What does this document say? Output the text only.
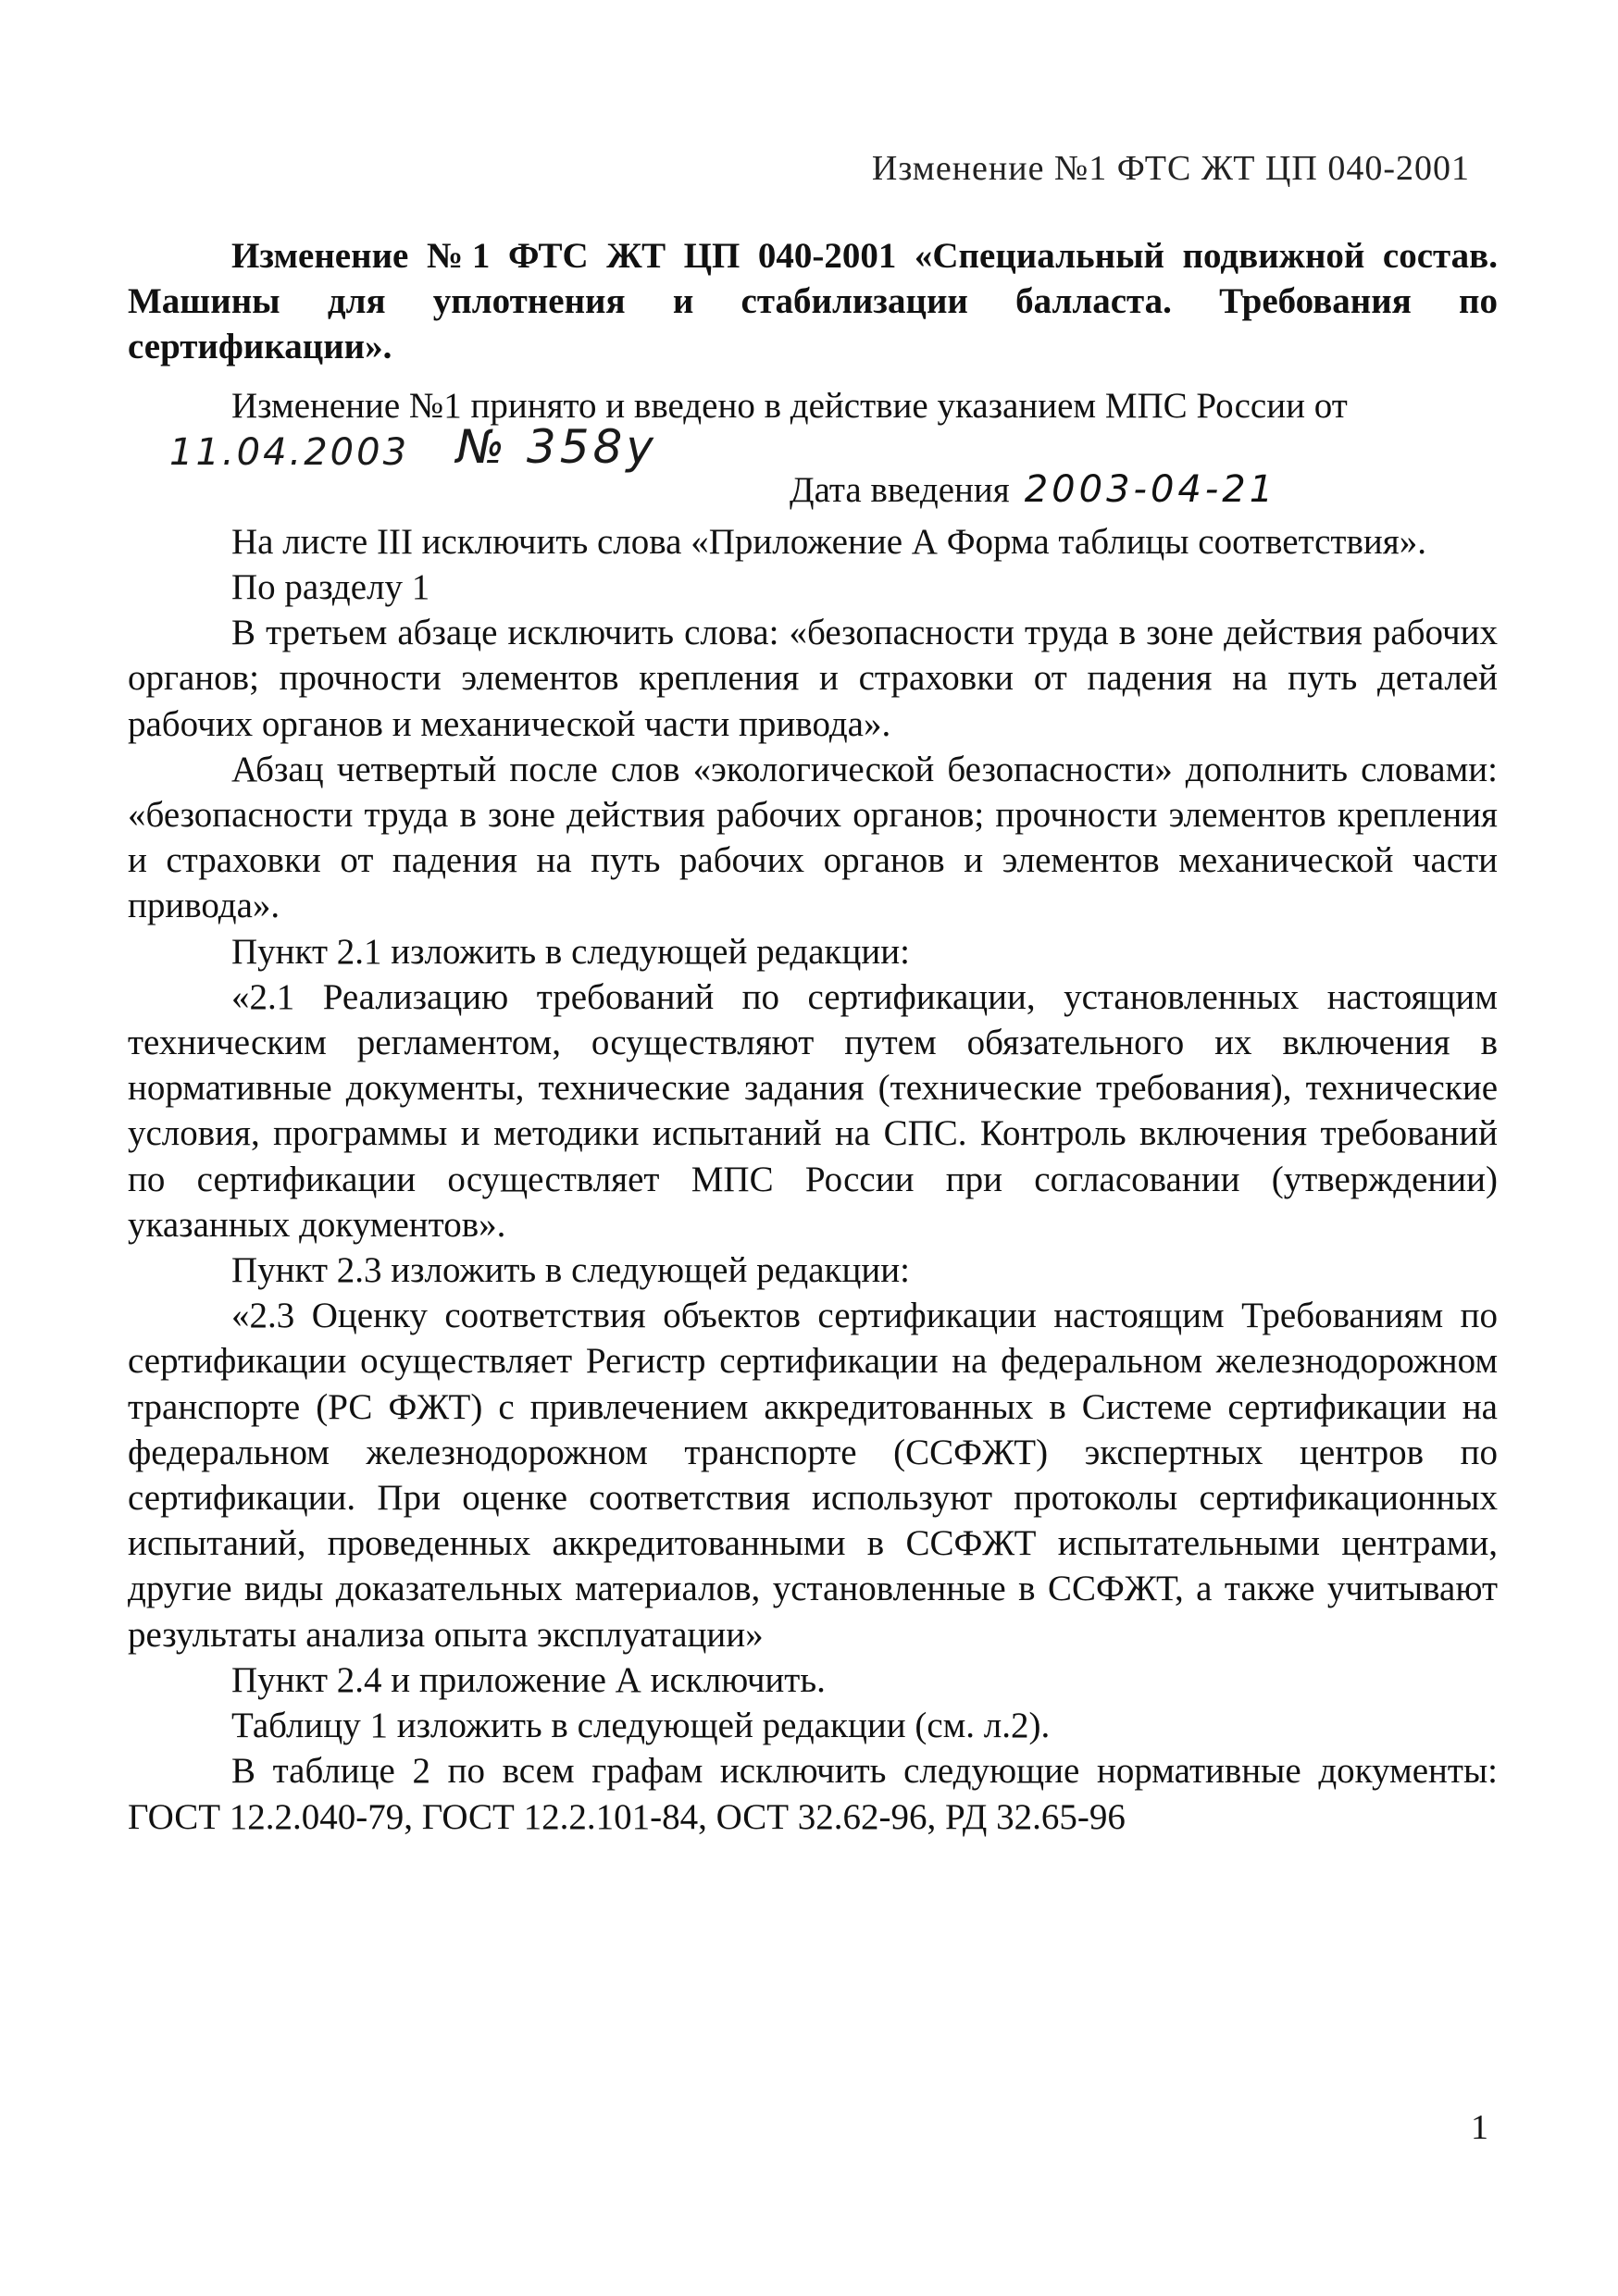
Изменение №1 ФТС ЖТ ЦП 040-2001

Изменение №1 ФТС ЖТ ЦП 040-2001 «Специальный подвижной состав. Машины для уплотнения и стабилизации балласта. Требования по сертификации».

Изменение №1 принято и введено в действие указанием МПС России от

11.04.2003 № 358у
Дата введения 2003-04-21

На листе III исключить слова «Приложение А Форма таблицы соответствия».

По разделу 1

В третьем абзаце исключить слова: «безопасности труда в зоне действия рабочих органов; прочности элементов крепления и страховки от падения на путь деталей рабочих органов и механической части привода».

Абзац четвертый после слов «экологической безопасности» дополнить словами: «безопасности труда в зоне действия рабочих органов; прочности элементов крепления и страховки от падения на путь рабочих органов и элементов механической части привода».

Пункт 2.1 изложить в следующей редакции:

«2.1 Реализацию требований по сертификации, установленных настоящим техническим регламентом, осуществляют путем обязательного их включения в нормативные документы, технические задания (технические требования), технические условия, программы и методики испытаний на СПС. Контроль включения требований по сертификации осуществляет МПС России при согласовании (утверждении) указанных документов».

Пункт 2.3 изложить в следующей редакции:

«2.3 Оценку соответствия объектов сертификации настоящим Требованиям по сертификации осуществляет Регистр сертификации на федеральном железнодорожном транспорте (РС ФЖТ) с привлечением аккредитованных в Системе сертификации на федеральном железнодорожном транспорте (ССФЖТ) экспертных центров по сертификации. При оценке соответствия используют протоколы сертификационных испытаний, проведенных аккредитованными в ССФЖТ испытательными центрами, другие виды доказательных материалов, установленные в ССФЖТ, а также учитывают результаты анализа опыта эксплуатации»

Пункт 2.4 и приложение А исключить.

Таблицу 1 изложить в следующей редакции (см. л.2).

В таблице 2 по всем графам исключить следующие нормативные документы: ГОСТ 12.2.040-79, ГОСТ 12.2.101-84, ОСТ 32.62-96, РД 32.65-96

1
